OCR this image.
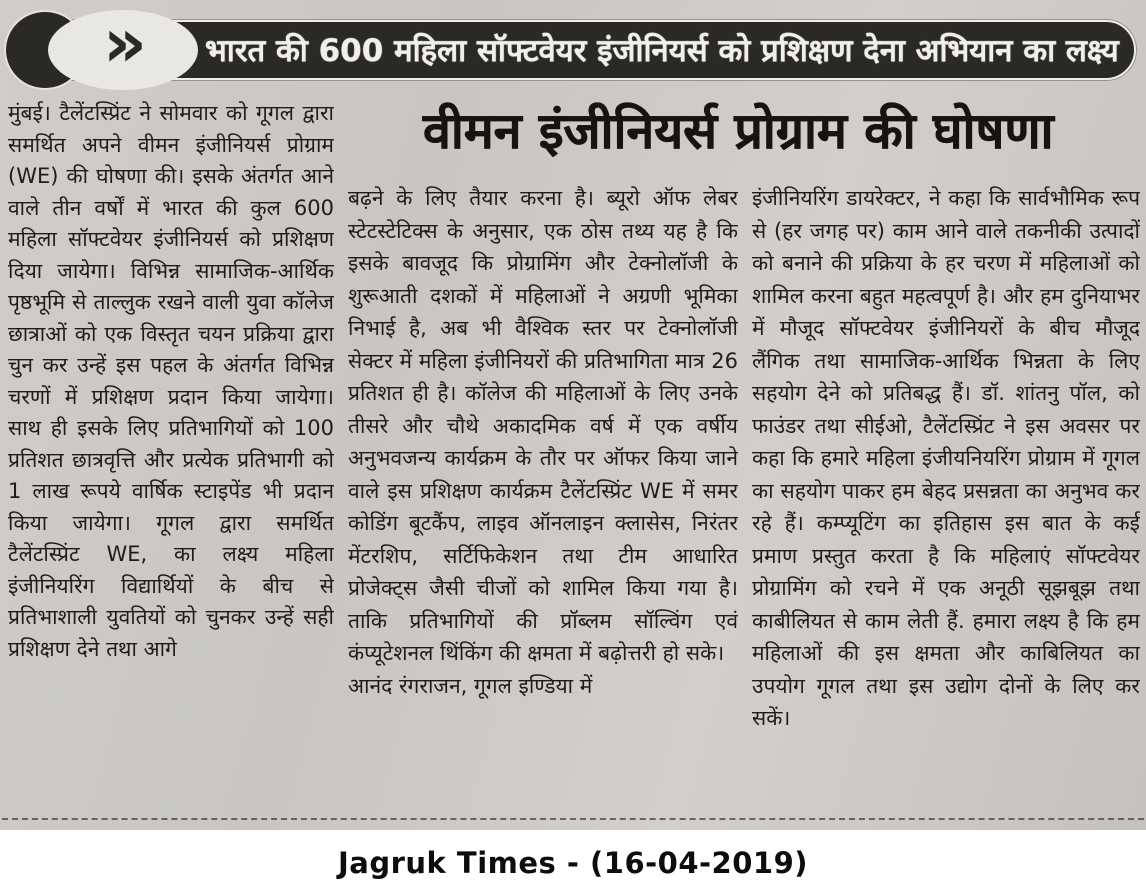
» भारत की 600 महिला सॉफ्टवेयर इंजीनियर्स को प्रशिक्षण देना अभियान का लक्ष्य
वीमन इंजीनियर्स प्रोग्राम की घोषणा

मुंबई। टैलेंटस्प्रिंट ने सोमवार को गूगल द्वारा समर्थित अपने वीमन इंजीनियर्स प्रोग्राम (WE) की घोषणा की। इसके अंतर्गत आने वाले तीन वर्षों में भारत की कुल 600 महिला सॉफ्टवेयर इंजीनियर्स को प्रशिक्षण दिया जायेगा। विभिन्न सामाजिक-आर्थिक पृष्ठभूमि से ताल्लुक रखने वाली युवा कॉलेज छात्राओं को एक विस्तृत चयन प्रक्रिया द्वारा चुन कर उन्हें इस पहल के अंतर्गत विभिन्न चरणों में प्रशिक्षण प्रदान किया जायेगा। साथ ही इसके लिए प्रतिभागियों को 100 प्रतिशत छात्रवृत्ति और प्रत्येक प्रतिभागी को 1 लाख रूपये वार्षिक स्टाइपेंड भी प्रदान किया जायेगा। गूगल द्वारा समर्थित टैलेंटस्प्रिंट WE, का लक्ष्य महिला इंजीनियरिंग विद्यार्थियों के बीच से प्रतिभाशाली युवतियों को चुनकर उन्हें सही प्रशिक्षण देने तथा आगे

बढ़ने के लिए तैयार करना है। ब्यूरो ऑफ लेबर स्टेटस्टेटिक्स के अनुसार, एक ठोस तथ्य यह है कि इसके बावजूद कि प्रोग्रामिंग और टेक्नोलॉजी के शुरूआती दशकों में महिलाओं ने अग्रणी भूमिका निभाई है, अब भी वैश्विक स्तर पर टेक्नोलॉजी सेक्टर में महिला इंजीनियरों की प्रतिभागिता मात्र 26 प्रतिशत ही है। कॉलेज की महिलाओं के लिए उनके तीसरे और चौथे अकादमिक वर्ष में एक वर्षीय अनुभवजन्य कार्यक्रम के तौर पर ऑफर किया जाने वाले इस प्रशिक्षण कार्यक्रम टैलेंटस्प्रिंट WE में समर कोडिंग बूटकैंप, लाइव ऑनलाइन क्लासेस, निरंतर मेंटरशिप, सर्टिफिकेशन तथा टीम आधारित प्रोजेक्ट्स जैसी चीजों को शामिल किया गया है। ताकि प्रतिभागियों की प्रॉब्लम सॉल्विंग एवं कंप्यूटेशनल थिंकिंग की क्षमता में बढ़ोत्तरी हो सके।

आनंद रंगराजन, गूगल इण्डिया में

इंजीनियरिंग डायरेक्टर, ने कहा कि सार्वभौमिक रूप से (हर जगह पर) काम आने वाले तकनीकी उत्पादों को बनाने की प्रक्रिया के हर चरण में महिलाओं को शामिल करना बहुत महत्वपूर्ण है। और हम दुनियाभर में मौजूद सॉफ्टवेयर इंजीनियरों के बीच मौजूद लैंगिक तथा सामाजिक-आर्थिक भिन्नता के लिए सहयोग देने को प्रतिबद्ध हैं। डॉ. शांतनु पॉल, को फाउंडर तथा सीईओ, टैलेंटस्प्रिंट ने इस अवसर पर कहा कि हमारे महिला इंजीयनियरिंग प्रोग्राम में गूगल का सहयोग पाकर हम बेहद प्रसन्नता का अनुभव कर रहे हैं। कम्प्यूटिंग का इतिहास इस बात के कई प्रमाण प्रस्तुत करता है कि महिलाएं सॉफ्टवेयर प्रोग्रामिंग को रचने में एक अनूठी सूझबूझ तथा काबीलियत से काम लेती हैं. हमारा लक्ष्य है कि हम महिलाओं की इस क्षमता और काबिलियत का उपयोग गूगल तथा इस उद्योग दोनों के लिए कर सकें।

Jagruk Times - (16-04-2019)
